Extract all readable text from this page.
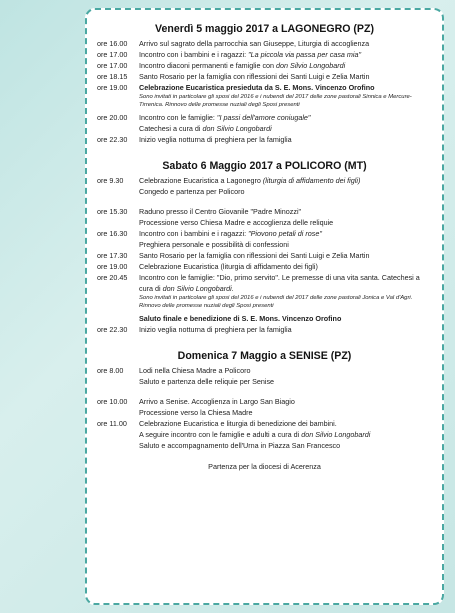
Venerdì 5 maggio 2017 a LAGONEGRO (PZ)
ore 16.00	Arrivo sul sagrato della parrocchia san Giuseppe, Liturgia di accoglienza
ore 17.00	Incontro con i bambini e i ragazzi: "La piccola via passa per casa mia"
ore 17.00	Incontro diaconi permanenti e famiglie con don Silvio Longobardi
ore 18.15	Santo Rosario per la famiglia con riflessioni dei Santi Luigi e Zelia Martin
ore 19.00	Celebrazione Eucaristica presieduta da S. E. Mons. Vincenzo Orofino
Sono invitati in particolare gli sposi del 2016 e i nubendi del 2017 delle zone pastorali Sinnica e Mercure-Tirrenica. Rinnovo delle promesse nuziali degli Sposi presenti
ore 20.00	Incontro con le famiglie: "I passi dell'amore coniugale"
Catechesi a cura di don Silvio Longobardi
ore 22.30	Inizio veglia notturna di preghiera per la famiglia
Sabato 6 Maggio 2017 a POLICORO (MT)
ore 9.30	Celebrazione Eucaristica a Lagonegro (liturgia di affidamento dei figli)
Congedo e partenza per Policoro
ore 15.30	Raduno presso il Centro Giovanile "Padre Minozzi"
Processione verso Chiesa Madre e accoglienza delle reliquie
ore 16.30	Incontro con i bambini e i ragazzi: "Piovono petali di rose"
Preghiera personale e possibilità di confessioni
ore 17.30	Santo Rosario per la famiglia con riflessioni dei Santi Luigi e Zelia Martin
ore 19.00	Celebrazione Eucaristica (liturgia di affidamento dei figli)
ore 20.45	Incontro con le famiglie: "Dio, primo servito". Le premesse di una vita santa. Catechesi a cura di don Silvio Longobardi.
Sono invitati in particolare gli sposi del 2016 e i nubendi del 2017 delle zone pastorali Jonica e Val d'Agri. Rinnovo delle promesse nuziali degli Sposi presenti
Saluto finale e benedizione di S. E. Mons. Vincenzo Orofino
ore 22.30	Inizio veglia notturna di preghiera per la famiglia
Domenica 7 Maggio a SENISE (PZ)
ore 8.00	Lodi nella Chiesa Madre a Policoro
Saluto e partenza delle reliquie per Senise
ore 10.00	Arrivo a Senise. Accoglienza in Largo San Biagio
Processione verso la Chiesa Madre
ore 11.00	Celebrazione Eucaristica e liturgia di benedizione dei bambini.
A seguire incontro con le famiglie e adulti a cura di don Silvio Longobardi
Saluto e accompagnamento dell'Urna in Piazza San Francesco
Partenza per la diocesi di Acerenza
